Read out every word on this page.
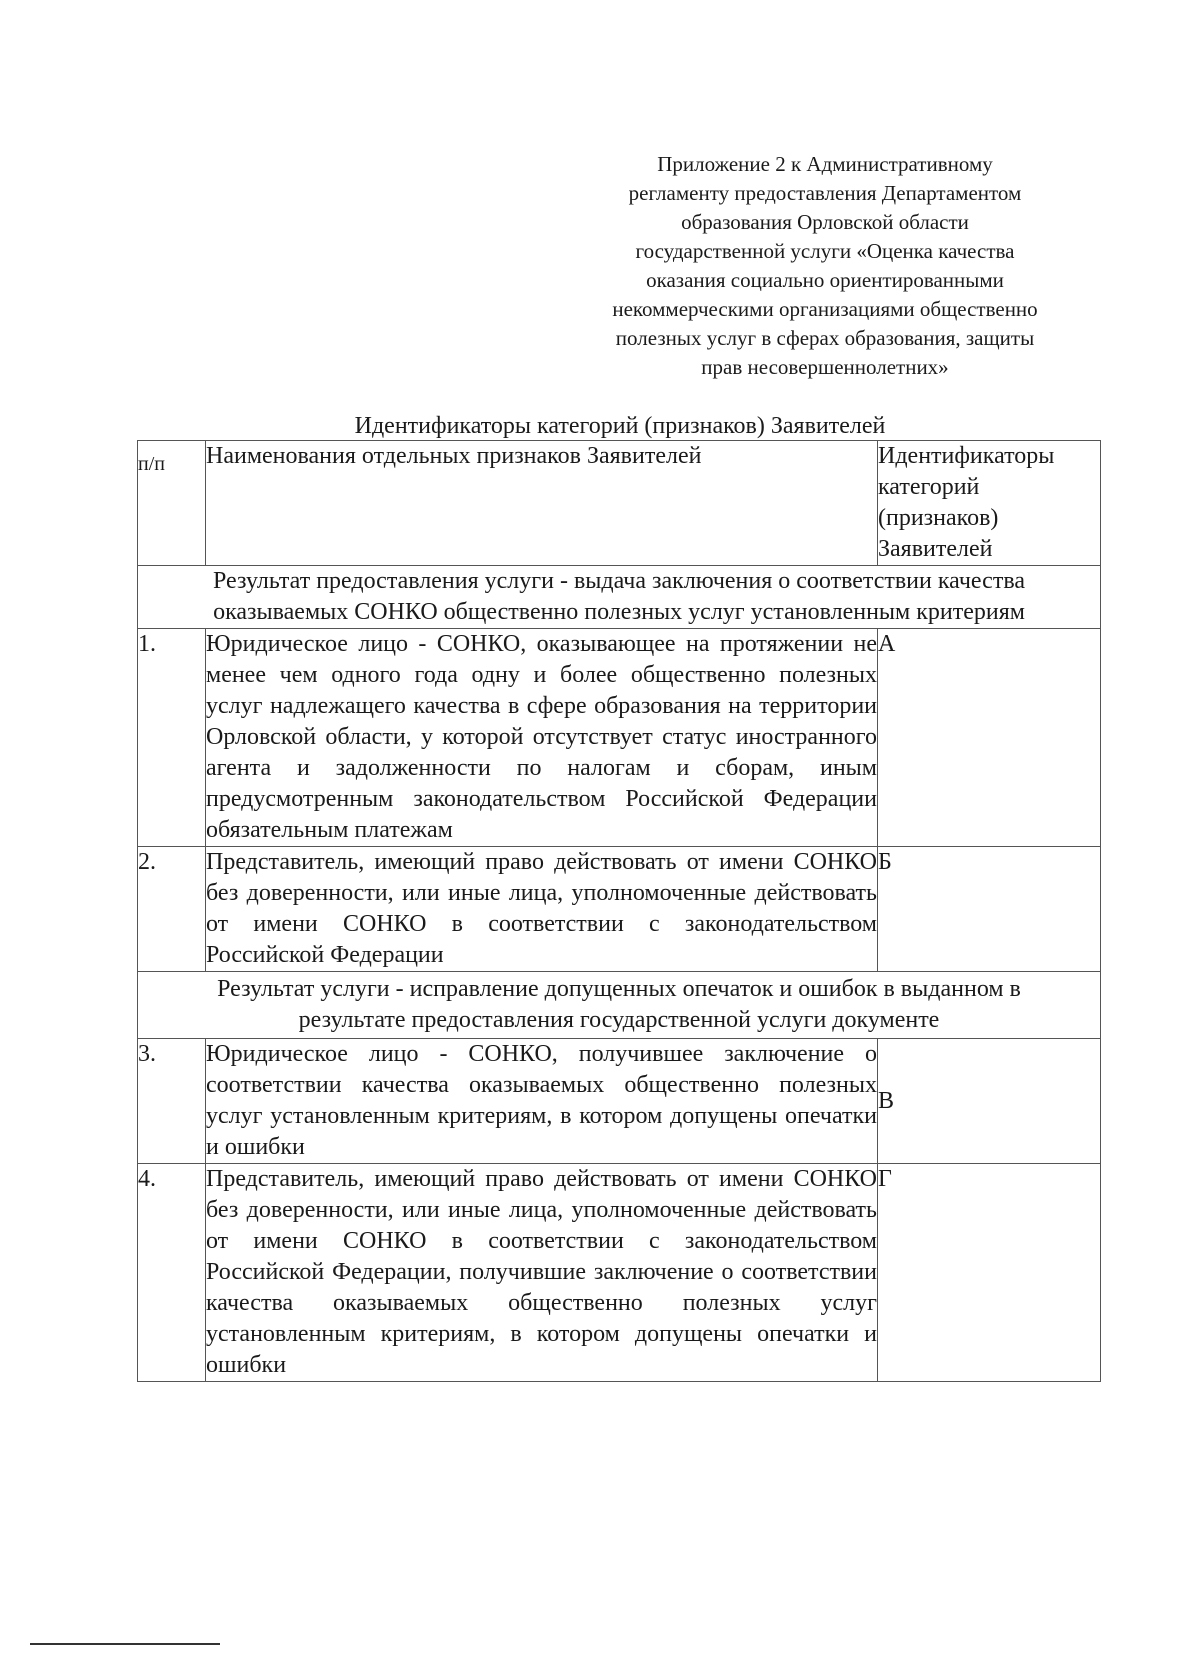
Приложение 2 к Административному
регламенту предоставления Департаментом
образования Орловской области
государственной услуги «Оценка качества
оказания социально ориентированными
некоммерческими организациями общественно
полезных услуг в сферах образования, защиты
прав несовершеннолетних»
Идентификаторы категорий (признаков) Заявителей
п/п	Наименования отдельных признаков Заявителей	Идентификаторы
категорий
(признаков)
Заявителей

Результат предоставления услуги - выдача заключения о соответствии качества
оказываемых СОНКО общественно полезных услуг установленным критериям		

1.	Юридическое лицо - СОНКО, оказывающее на протяжении не менее чем одного года одну и более общественно полезных услуг надлежащего качества в сфере образования на территории Орловской области, у которой отсутствует статус иностранного агента и задолженности по налогам и сборам, иным предусмотренным законодательством Российской Федерации обязательным платежам	А
2.	Представитель, имеющий право действовать от имени СОНКО без доверенности, или иные лица, уполномоченные действовать от имени СОНКО в соответствии с законодательством Российской Федерации	Б

Результат услуги - исправление допущенных опечаток и ошибок в выданном в
результате предоставления государственной услуги документе		

3.	Юридическое лицо - СОНКО, получившее заключение о соответствии качества оказываемых общественно полезных услуг установленным критериям, в котором допущены опечатки и ошибки	В
4.	Представитель, имеющий право действовать от имени СОНКО без доверенности, или иные лица, уполномоченные действовать от имени СОНКО в соответствии с законодательством Российской Федерации, получившие заключение о соответствии качества оказываемых общественно полезных услуг установленным критериям, в котором допущены опечатки и ошибки	Г
